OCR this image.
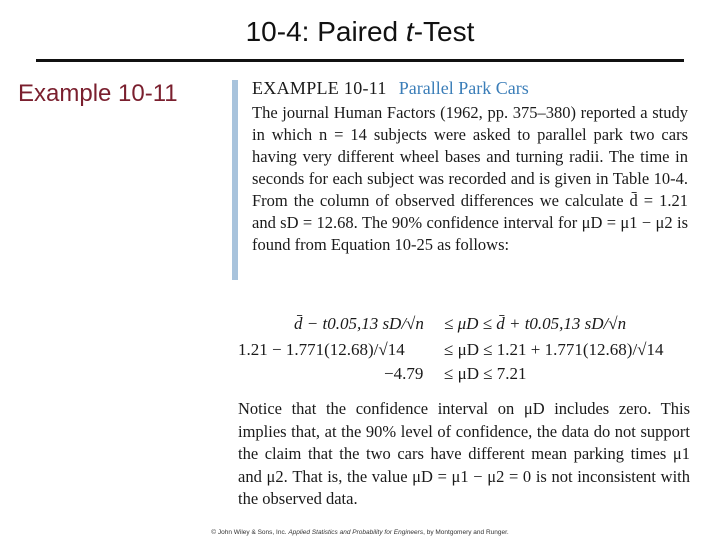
10-4: Paired t-Test
Example 10-11	EXAMPLE 10-11 Parallel Park Cars
The journal Human Factors (1962, pp. 375–380) reported a study in which n = 14 subjects were asked to parallel park two cars having very different wheel bases and turning radii. The time in seconds for each subject was recorded and is given in Table 10-4. From the column of observed differences we calculate d̄ = 1.21 and sD = 12.68. The 90% confidence interval for μD = μ1 − μ2 is found from Equation 10-25 as follows:
d̄ − t0.05,13 sD/√n ≤ μD ≤ d̄ + t0.05,13 sD/√n
1.21 − 1.771(12.68)/√14 ≤ μD ≤ 1.21 + 1.771(12.68)/√14
−4.79 ≤ μD ≤ 7.21
Notice that the confidence interval on μD includes zero. This implies that, at the 90% level of confidence, the data do not support the claim that the two cars have different mean parking times μ1 and μ2. That is, the value μD = μ1 − μ2 = 0 is not inconsistent with the observed data.
© John Wiley & Sons, Inc. Applied Statistics and Probability for Engineers, by Montgomery and Runger.
